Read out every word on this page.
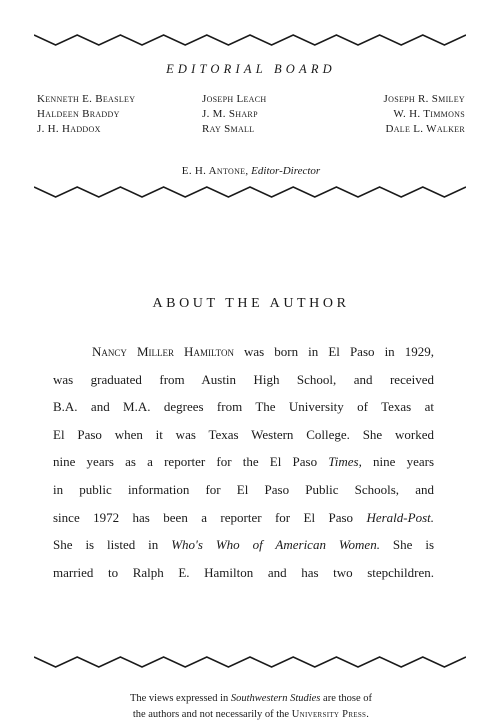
EDITORIAL BOARD
Kenneth E. Beasley	Joseph Leach	Joseph R. Smiley
Haldeen Braddy	J. M. Sharp	W. H. Timmons
J. H. Haddox	Ray Small	Dale L. Walker
E. H. Antone, Editor-Director
ABOUT THE AUTHOR
Nancy Miller Hamilton was born in El Paso in 1929,
was graduated from Austin High School, and received
B.A. and M.A. degrees from The University of Texas at
El Paso when it was Texas Western College. She worked
nine years as a reporter for the El Paso Times, nine years
in public information for El Paso Public Schools, and
since 1972 has been a reporter for El Paso Herald-Post.
She is listed in Who's Who of American Women. She is
married to Ralph E. Hamilton and has two stepchildren.
The views expressed in Southwestern Studies are those of
the authors and not necessarily of the University Press.
